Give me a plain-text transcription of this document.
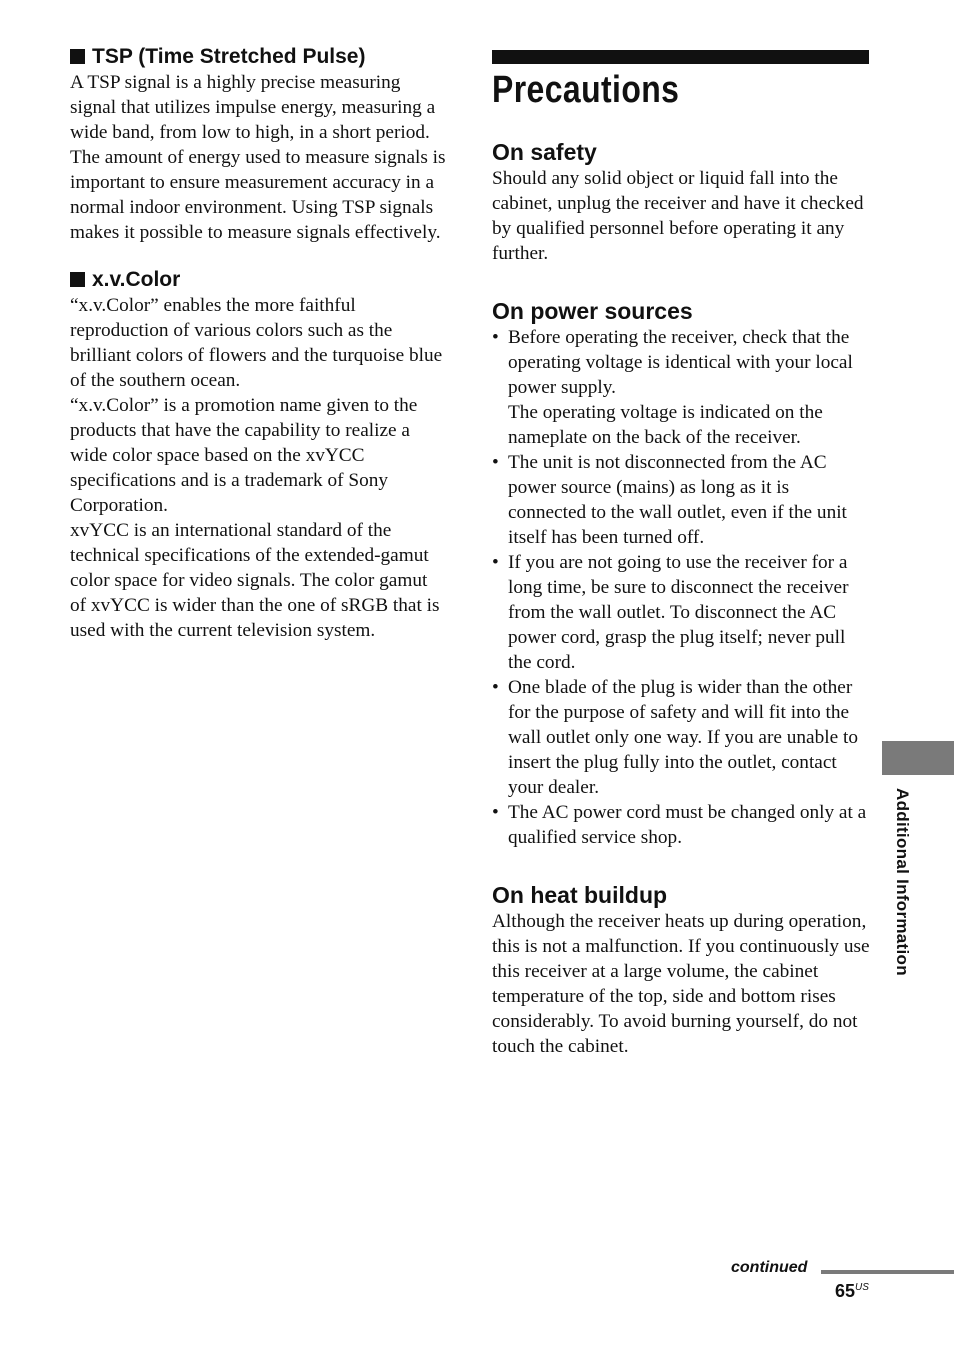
TSP (Time Stretched Pulse)

A TSP signal is a highly precise measuring signal that utilizes impulse energy, measuring a wide band, from low to high, in a short period.

The amount of energy used to measure signals is important to ensure measurement accuracy in a normal indoor environment. Using TSP signals makes it possible to measure signals effectively.

x.v.Color

“x.v.Color” enables the more faithful reproduction of various colors such as the brilliant colors of flowers and the turquoise blue of the southern ocean.

“x.v.Color” is a promotion name given to the products that have the capability to realize a wide color space based on the xvYCC specifications and is a trademark of Sony Corporation.

xvYCC is an international standard of the technical specifications of the extended-gamut color space for video signals. The color gamut of xvYCC is wider than the one of sRGB that is used with the current television system.

Precautions
On safety

Should any solid object or liquid fall into the cabinet, unplug the receiver and have it checked by qualified personnel before operating it any further.

On power sources
• Before operating the receiver, check that the operating voltage is identical with your local power supply.
The operating voltage is indicated on the nameplate on the back of the receiver.
• The unit is not disconnected from the AC power source (mains) as long as it is connected to the wall outlet, even if the unit itself has been turned off.
• If you are not going to use the receiver for a long time, be sure to disconnect the receiver from the wall outlet. To disconnect the AC power cord, grasp the plug itself; never pull the cord.
• One blade of the plug is wider than the other for the purpose of safety and will fit into the wall outlet only one way. If you are unable to insert the plug fully into the outlet, contact your dealer.
• The AC power cord must be changed only at a qualified service shop.
On heat buildup

Although the receiver heats up during operation, this is not a malfunction. If you continuously use this receiver at a large volume, the cabinet temperature of the top, side and bottom rises considerably. To avoid burning yourself, do not touch the cabinet.

Additional Information
continued
$65^{US}$
